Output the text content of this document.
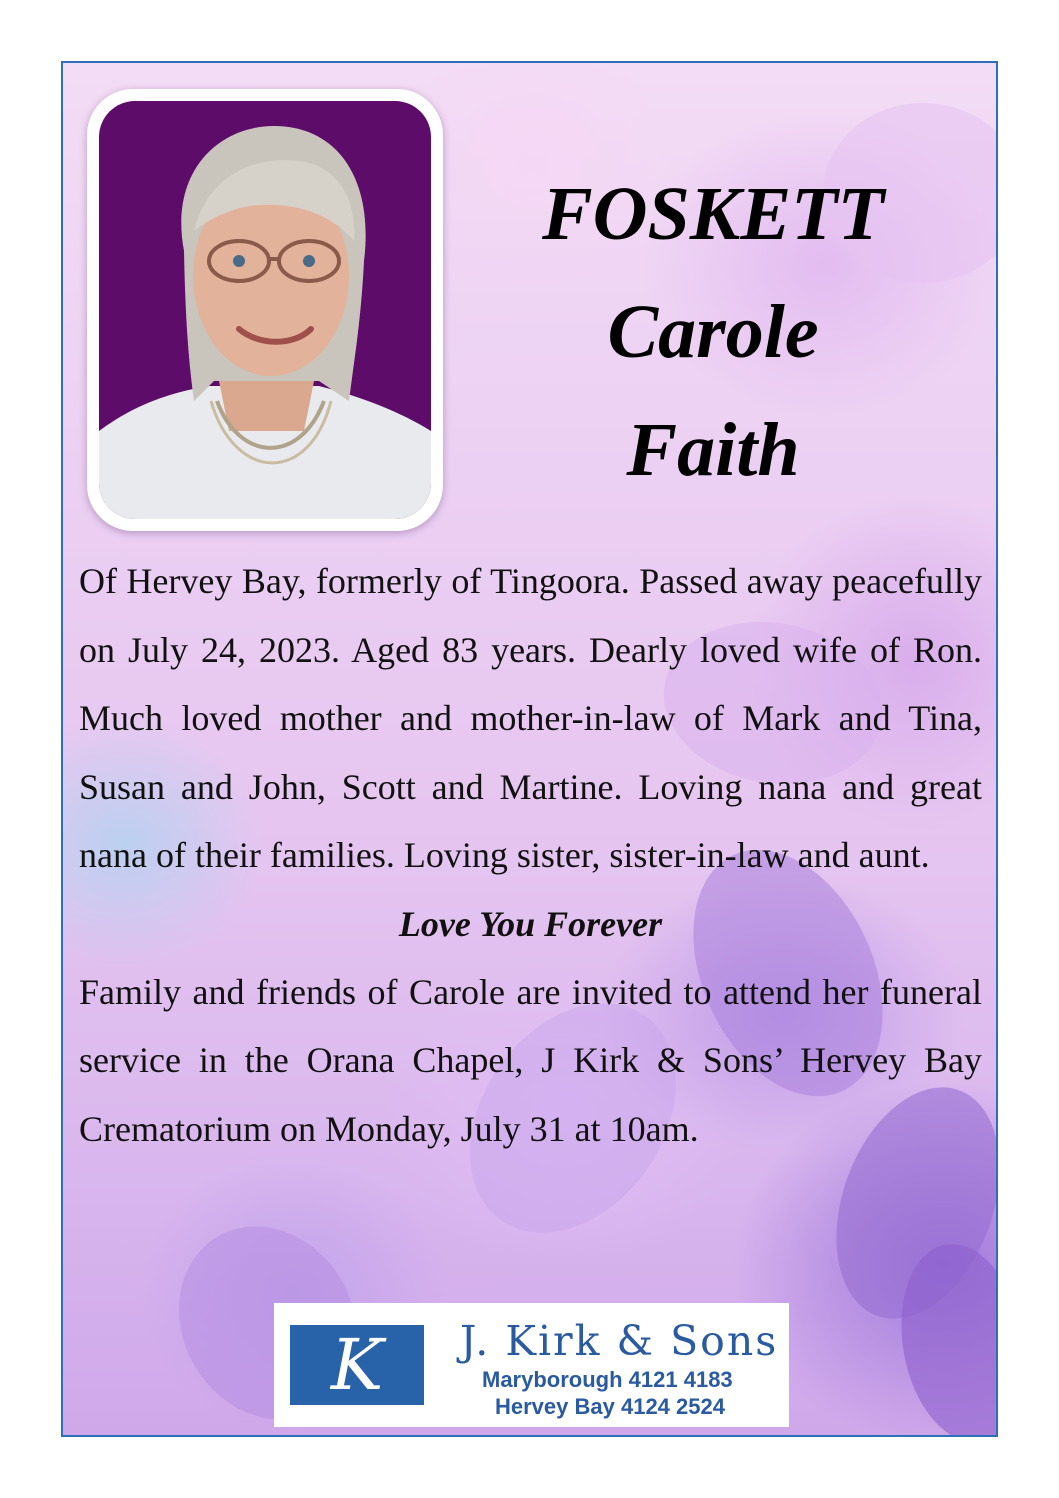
FOSKETT
Carole
Faith

Of Hervey Bay, formerly of Tingoora. Passed away peacefully on July 24, 2023. Aged 83 years. Dearly loved wife of Ron. Much loved mother and mother-in-law of Mark and Tina, Susan and John, Scott and Martine. Loving nana and great nana of their families. Loving sister, sister-in-law and aunt.

Love You Forever

Family and friends of Carole are invited to attend her funeral service in the Orana Chapel, J Kirk & Sons’ Hervey Bay Crematorium on Monday, July 31 at 10am.

K	J. Kirk & Sons
Maryborough 4121 4183
Hervey Bay 4124 2524
